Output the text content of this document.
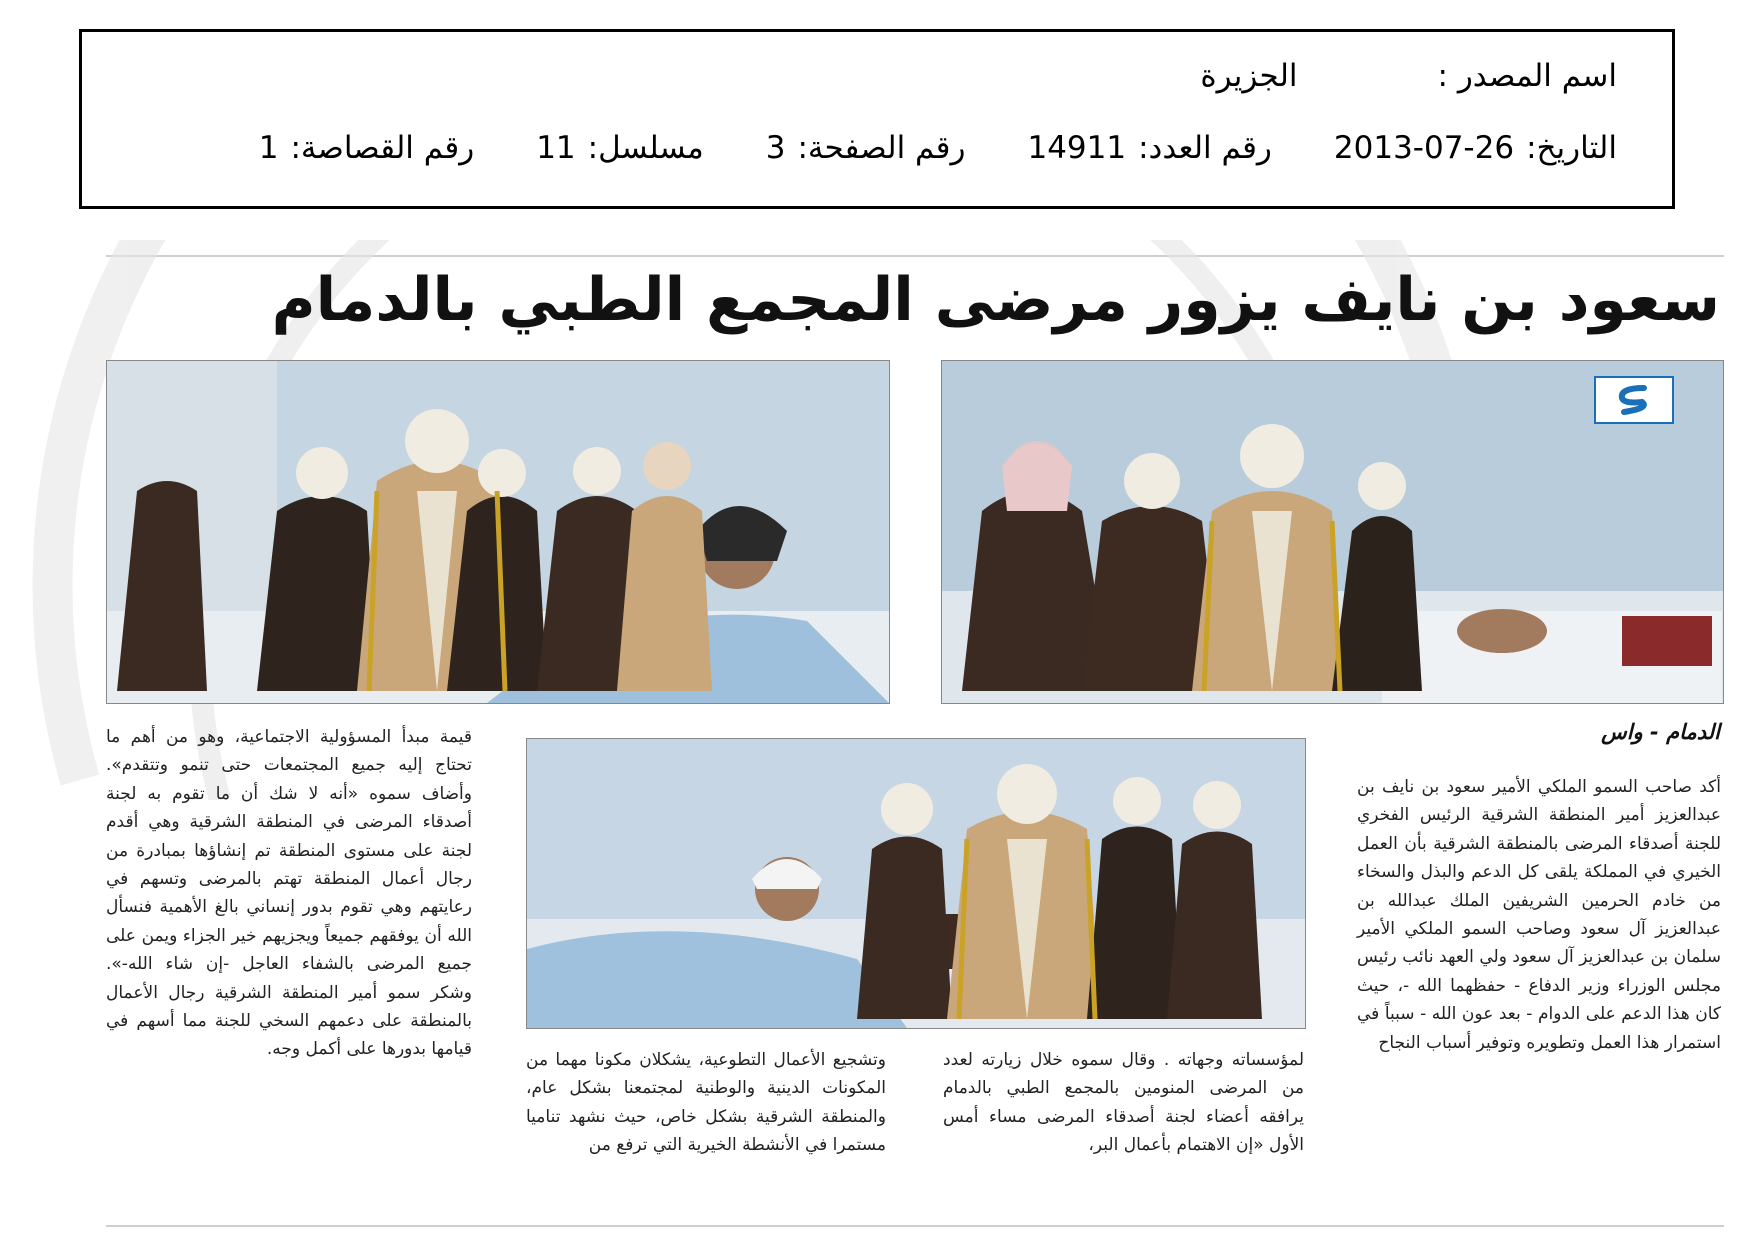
اسم المصدر :
الجزيرة
التاريخ:
2013-07-26
رقم العدد:
14911
رقم الصفحة:
3
مسلسل:
11
رقم القصاصة:
1
سعود بن نايف يزور مرضى المجمع الطبي بالدمام
الدمام - واس

أكد صاحب السمو الملكي الأمير سعود بن نايف بن عبدالعزيز أمير المنطقة الشرقية الرئيس الفخري للجنة أصدقاء المرضى بالمنطقة الشرقية بأن العمل الخيري في المملكة يلقى كل الدعم والبذل والسخاء من خادم الحرمين الشريفين الملك عبدالله بن عبدالعزيز آل سعود وصاحب السمو الملكي الأمير سلمان بن عبدالعزيز آل سعود ولي العهد نائب رئيس مجلس الوزراء وزير الدفاع - حفظهما الله -، حيث كان هذا الدعم على الدوام - بعد عون الله - سبباً في استمرار هذا العمل وتطويره وتوفير أسباب النجاح

لمؤسساته وجهاته . وقال سموه خلال زيارته لعدد من المرضى المنومين بالمجمع الطبي بالدمام يرافقه أعضاء لجنة أصدقاء المرضى مساء أمس الأول «إن الاهتمام بأعمال البر،

وتشجيع الأعمال التطوعية، يشكلان مكونا مهما من المكونات الدينية والوطنية لمجتمعنا بشكل عام، والمنطقة الشرقية بشكل خاص، حيث نشهد تناميا مستمرا في الأنشطة الخيرية التي ترفع من

قيمة مبدأ المسؤولية الاجتماعية، وهو من أهم ما تحتاج إليه جميع المجتمعات حتى تنمو وتتقدم». وأضاف سموه «أنه لا شك أن ما تقوم به لجنة أصدقاء المرضى في المنطقة الشرقية وهي أقدم لجنة على مستوى المنطقة تم إنشاؤها بمبادرة من رجال أعمال المنطقة تهتم بالمرضى وتسهم في رعايتهم وهي تقوم بدور إنساني بالغ الأهمية فنسأل الله أن يوفقهم جميعاً ويجزيهم خير الجزاء ويمن على جميع المرضى بالشفاء العاجل -إن شاء الله-». وشكر سمو أمير المنطقة الشرقية رجال الأعمال بالمنطقة على دعمهم السخي للجنة مما أسهم في قيامها بدورها على أكمل وجه.
